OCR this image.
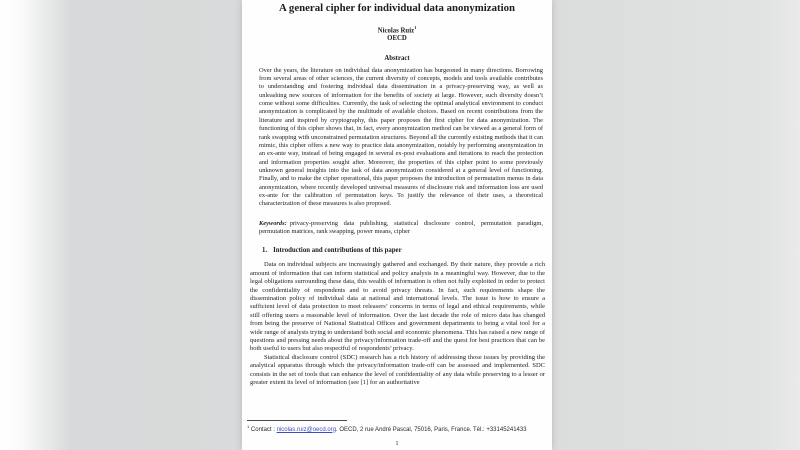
A general cipher for individual data anonymization
Nicolas Ruiz$^1$
OECD
Abstract

Over the years, the literature on individual data anonymization has burgeoned in many directions. Borrowing from several areas of other sciences, the current diversity of concepts, models and tools available contributes to understanding and fostering individual data dissemination in a privacy-preserving way, as well as unleashing new sources of information for the benefits of society at large. However, such diversity doesn’t come without some difficulties. Currently, the task of selecting the optimal analytical environment to conduct anonymization is complicated by the multitude of available choices. Based on recent contributions from the literature and inspired by cryptography, this paper proposes the first cipher for data anonymization. The functioning of this cipher shows that, in fact, every anonymization method can be viewed as a general form of rank swapping with unconstrained permutation structures. Beyond all the currently existing methods that it can mimic, this cipher offers a new way to practice data anonymization, notably by performing anonymization in an ex-ante way, instead of being engaged in several ex-post evaluations and iterations to reach the protection and information properties sought after. Moreover, the properties of this cipher point to some previously unknown general insights into the task of data anonymization considered at a general level of functioning. Finally, and to make the cipher operational, this paper proposes the introduction of permutation menus in data anonymization, where recently developed universal measures of disclosure risk and information loss are used ex-ante for the calibration of permutation keys. To justify the relevance of their uses, a theoretical characterization of these measures is also proposed.

Keywords: privacy-preserving data publishing, statistical disclosure control, permutation paradigm, permutation matrices, rank swapping, power means, cipher

1. Introduction and contributions of this paper

Data on individual subjects are increasingly gathered and exchanged. By their nature, they provide a rich amount of information that can inform statistical and policy analysis in a meaningful way. However, due to the legal obligations surrounding these data, this wealth of information is often not fully exploited in order to protect the confidentiality of respondents and to avoid privacy threats. In fact, such requirements shape the dissemination policy of individual data at national and international levels. The issue is how to ensure a sufficient level of data protection to meet releasers’ concerns in terms of legal and ethical requirements, while still offering users a reasonable level of information. Over the last decade the role of micro data has changed from being the preserve of National Statistical Offices and government departments to being a vital tool for a wide range of analysts trying to understand both social and economic phenomena. This has raised a new range of questions and pressing needs about the privacy/information trade-off and the quest for best practices that can be both useful to users but also respectful of respondents’ privacy.

Statistical disclosure control (SDC) research has a rich history of addressing those issues by providing the analytical apparatus through which the privacy/information trade-off can be assessed and implemented. SDC consists in the set of tools that can enhance the level of confidentiality of any data while preserving to a lesser or greater extent its level of information (see [1] for an authoritative

$^1$ Contact : nicolas.ruiz@oecd.org. OECD, 2 rue André Pascal, 75016, Paris, France. Tél.: +33145241433
1
